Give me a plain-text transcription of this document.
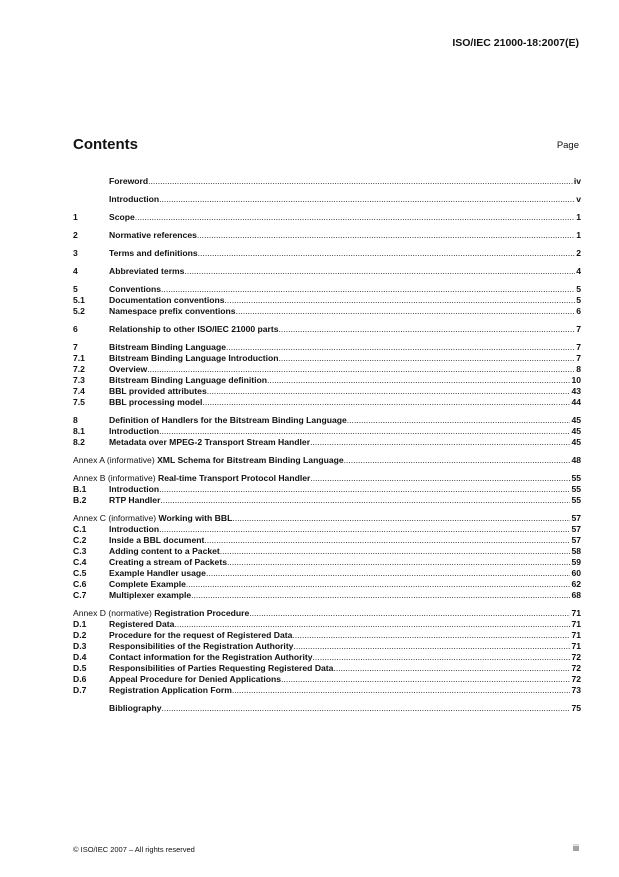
ISO/IEC 21000-18:2007(E)
Contents	Page
Foreword .....	iv
Introduction .....	v
1	Scope .....	1
2	Normative references .....	1
3	Terms and definitions .....	2
4	Abbreviated terms .....	4
5	Conventions .....	5
5.1	Documentation conventions .....	5
5.2	Namespace prefix conventions .....	6
6	Relationship to other ISO/IEC 21000 parts .....	7
7	Bitstream Binding Language .....	7
7.1	Bitstream Binding Language Introduction .....	7
7.2	Overview .....	8
7.3	Bitstream Binding Language definition .....	10
7.4	BBL provided attributes .....	43
7.5	BBL processing model .....	44
8	Definition of Handlers for the Bitstream Binding Language .....	45
8.1	Introduction .....	45
8.2	Metadata over MPEG-2 Transport Stream Handler .....	45
Annex A (informative) XML Schema for Bitstream Binding Language .....	48
Annex B (informative) Real-time Transport Protocol Handler .....	55
B.1	Introduction .....	55
B.2	RTP Handler .....	55
Annex C (informative) Working with BBL .....	57
C.1	Introduction .....	57
C.2	Inside a BBL document .....	57
C.3	Adding content to a Packet .....	58
C.4	Creating a stream of Packets .....	59
C.5	Example Handler usage .....	60
C.6	Complete Example .....	62
C.7	Multiplexer example .....	68
Annex D (normative) Registration Procedure .....	71
D.1	Registered Data .....	71
D.2	Procedure for the request of Registered Data .....	71
D.3	Responsibilities of the Registration Authority .....	71
D.4	Contact information for the Registration Authority .....	72
D.5	Responsibilities of Parties Requesting Registered Data .....	72
D.6	Appeal Procedure for Denied Applications .....	72
D.7	Registration Application Form .....	73
Bibliography .....	75
© ISO/IEC 2007 – All rights reserved	iii
